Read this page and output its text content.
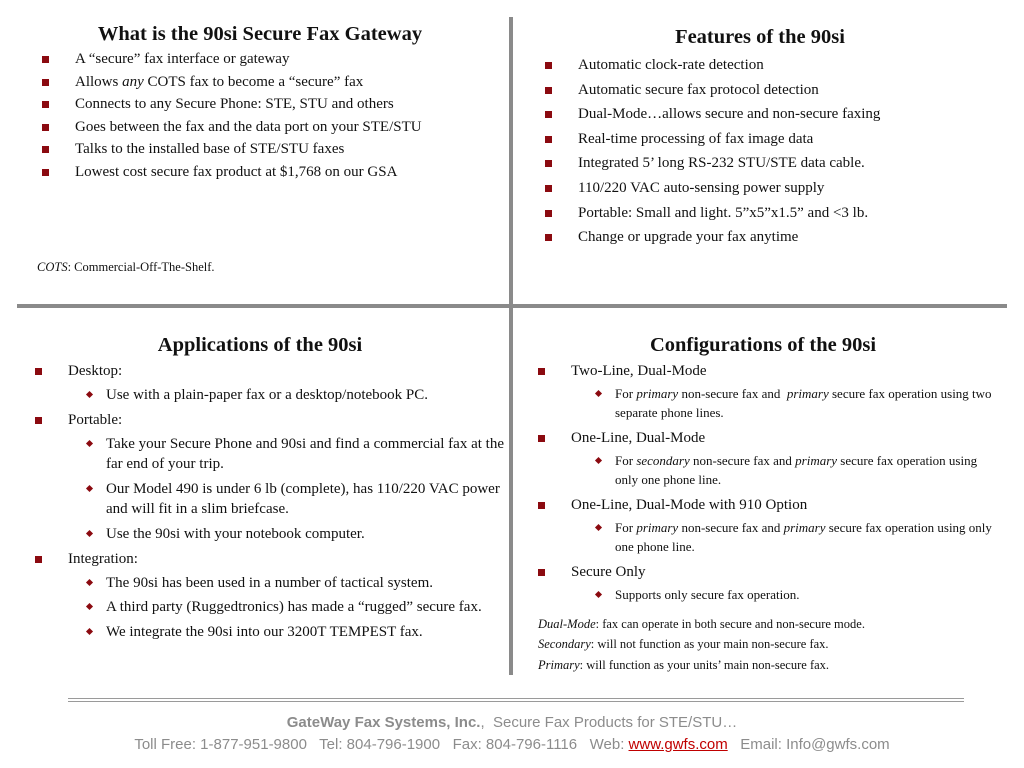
What is the 90si Secure Fax Gateway
A “secure” fax interface or gateway
Allows any COTS fax to become a “secure” fax
Connects to any Secure Phone: STE, STU and others
Goes between the fax and the data port on your STE/STU
Talks to the installed base of STE/STU faxes
Lowest cost secure fax product at $1,768 on our GSA
COTS: Commercial-Off-The-Shelf.
Features of the 90si
Automatic clock-rate detection
Automatic secure fax protocol detection
Dual-Mode…allows secure and non-secure faxing
Real-time processing of fax image data
Integrated 5’ long RS-232 STU/STE data cable.
110/220 VAC auto-sensing power supply
Portable: Small and light. 5”x5”x1.5” and <3 lb.
Change or upgrade your fax anytime
Applications of the 90si
Desktop:
Use with a plain-paper fax or a desktop/notebook PC.
Portable:
Take your Secure Phone and 90si and find a commercial fax at the far end of your trip.
Our Model 490 is under 6 lb (complete), has 110/220 VAC power and will fit in a slim briefcase.
Use the 90si with your notebook computer.
Integration:
The 90si has been used in a number of tactical system.
A third party (Ruggedtronics) has made a “rugged” secure fax.
We integrate the 90si into our 3200T TEMPEST fax.
Configurations of the 90si
Two-Line, Dual-Mode
For primary non-secure fax and  primary secure fax operation using two separate phone lines.
One-Line, Dual-Mode
For secondary non-secure fax and primary secure fax operation using only one phone line.
One-Line, Dual-Mode with 910 Option
For primary non-secure fax and primary secure fax operation using only one phone line.
Secure Only
Supports only secure fax operation.
Dual-Mode: fax can operate in both secure and non-secure mode.
Secondary: will not function as your main non-secure fax.
Primary: will function as your units’ main non-secure fax.
GateWay Fax Systems, Inc.,  Secure Fax Products for STE/STU…
Toll Free: 1-877-951-9800   Tel: 804-796-1900   Fax: 804-796-1116   Web: www.gwfs.com   Email: Info@gwfs.com
